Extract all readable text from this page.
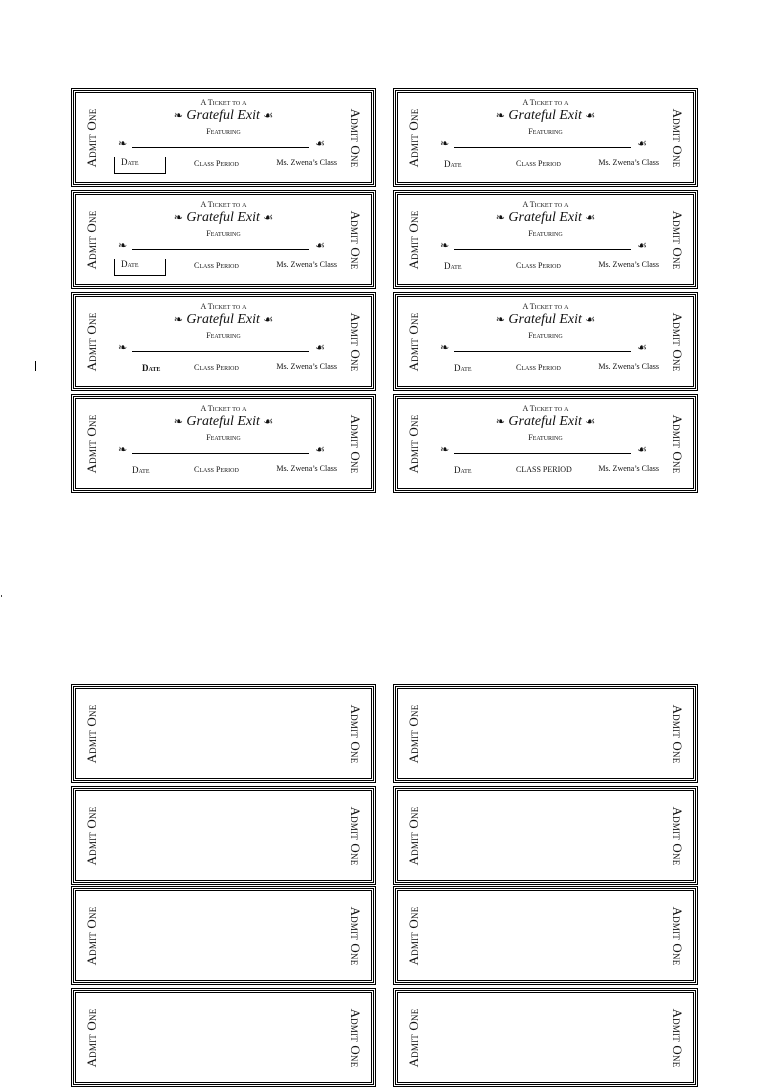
Admit One
A Ticket to a
❧ Grateful Exit ☙
Featuring
❧	☙
Date	Class Period	Ms. Zwena’s Class Admit One
Admit One
A Ticket to a
❧ Grateful Exit ☙
Featuring
❧	☙
Date	Class Period	Ms. Zwena’s Class Admit One
Admit One
A Ticket to a
❧ Grateful Exit ☙
Featuring
❧	☙
Date	Class Period	Ms. Zwena’s Class Admit One
Admit One
A Ticket to a
❧ Grateful Exit ☙
Featuring
❧	☙
Date	Class Period	Ms. Zwena’s Class Admit One
Admit One
A Ticket to a
❧ Grateful Exit ☙
Featuring
❧	☙
Date	Class Period	Ms. Zwena’s Class Admit One
Admit One
A Ticket to a
❧ Grateful Exit ☙
Featuring
❧	☙
Date	Class Period	Ms. Zwena’s Class Admit One
Admit One
A Ticket to a
❧ Grateful Exit ☙
Featuring
❧	☙
Date	Class Period	Ms. Zwena’s Class Admit One
Admit One
A Ticket to a
❧ Grateful Exit ☙
Featuring
❧	☙
Date	CLASS PERIOD	Ms. Zwena’s Class Admit One
Admit One	Admit One
Admit One	Admit One
Admit One	Admit One
Admit One	Admit One
Admit One	Admit One
Admit One	Admit One
Admit One	Admit One
Admit One	Admit One
